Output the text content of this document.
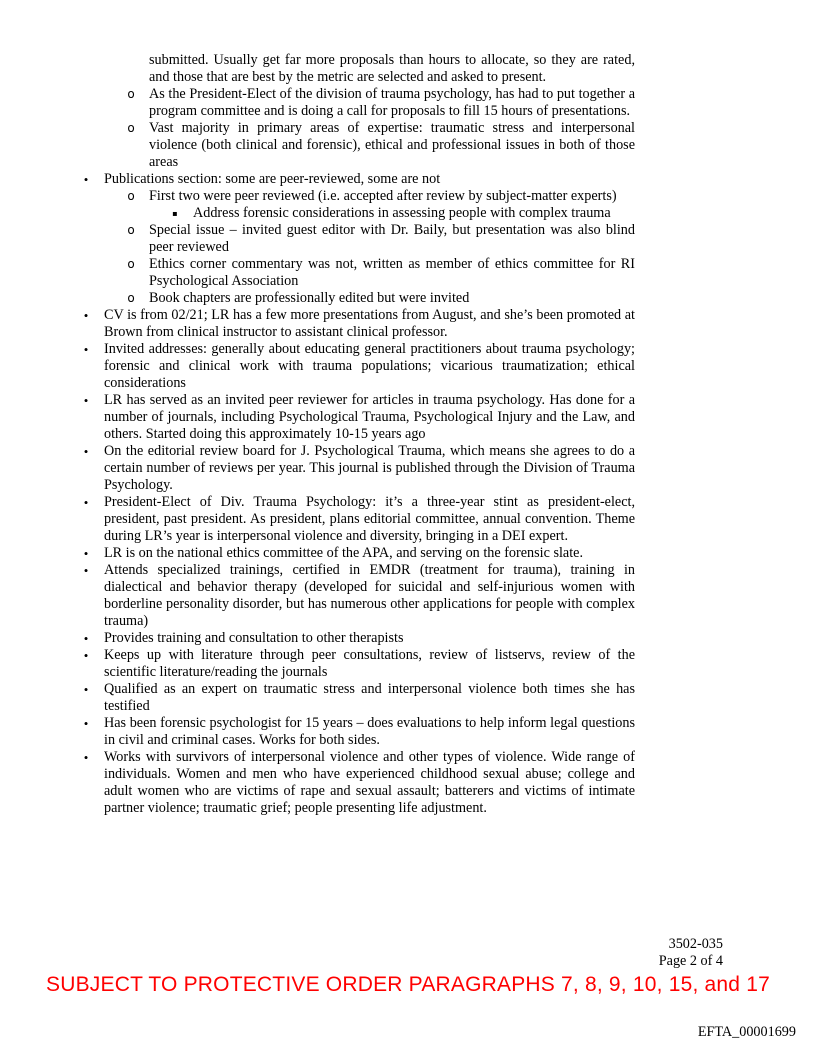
submitted. Usually get far more proposals than hours to allocate, so they are rated, and those that are best by the metric are selected and asked to present.

o As the President-Elect of the division of trauma psychology, has had to put together a program committee and is doing a call for proposals to fill 15 hours of presentations.
o Vast majority in primary areas of expertise: traumatic stress and interpersonal violence (both clinical and forensic), ethical and professional issues in both of those areas
• Publications section: some are peer-reviewed, some are not
o First two were peer reviewed (i.e. accepted after review by subject-matter experts)
▪ Address forensic considerations in assessing people with complex trauma
o Special issue – invited guest editor with Dr. Baily, but presentation was also blind peer reviewed
o Ethics corner commentary was not, written as member of ethics committee for RI Psychological Association
o Book chapters are professionally edited but were invited
• CV is from 02/21; LR has a few more presentations from August, and she’s been promoted at Brown from clinical instructor to assistant clinical professor.
• Invited addresses: generally about educating general practitioners about trauma psychology; forensic and clinical work with trauma populations; vicarious traumatization; ethical considerations
• LR has served as an invited peer reviewer for articles in trauma psychology. Has done for a number of journals, including Psychological Trauma, Psychological Injury and the Law, and others. Started doing this approximately 10-15 years ago
• On the editorial review board for J. Psychological Trauma, which means she agrees to do a certain number of reviews per year. This journal is published through the Division of Trauma Psychology.
• President-Elect of Div. Trauma Psychology: it’s a three-year stint as president-elect, president, past president. As president, plans editorial committee, annual convention. Theme during LR’s year is interpersonal violence and diversity, bringing in a DEI expert.
• LR is on the national ethics committee of the APA, and serving on the forensic slate.
• Attends specialized trainings, certified in EMDR (treatment for trauma), training in dialectical and behavior therapy (developed for suicidal and self-injurious women with borderline personality disorder, but has numerous other applications for people with complex trauma)
• Provides training and consultation to other therapists
• Keeps up with literature through peer consultations, review of listservs, review of the scientific literature/reading the journals
• Qualified as an expert on traumatic stress and interpersonal violence both times she has testified
• Has been forensic psychologist for 15 years – does evaluations to help inform legal questions in civil and criminal cases. Works for both sides.
• Works with survivors of interpersonal violence and other types of violence. Wide range of individuals. Women and men who have experienced childhood sexual abuse; college and adult women who are victims of rape and sexual assault; batterers and victims of intimate partner violence; traumatic grief; people presenting life adjustment.
3502-035
Page 2 of 4
SUBJECT TO PROTECTIVE ORDER PARAGRAPHS 7, 8, 9, 10, 15, and 17
EFTA_00001699
